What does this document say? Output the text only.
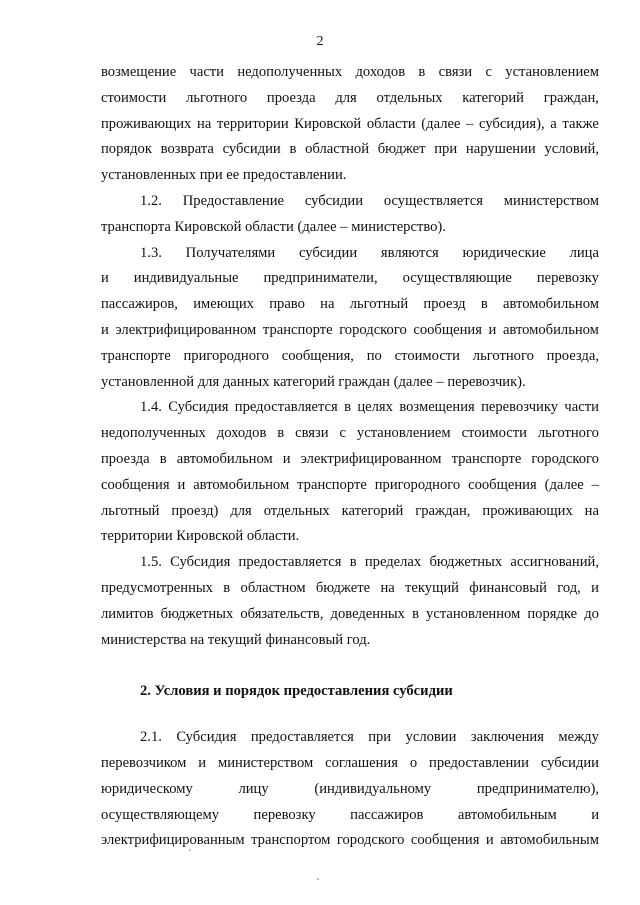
2
возмещение части недополученных доходов в связи с установлением
стоимости льготного проезда для отдельных категорий граждан,
проживающих на территории Кировской области (далее – субсидия), а также
порядок возврата субсидии в областной бюджет при нарушении условий,
установленных при ее предоставлении.
1.2. Предоставление субсидии осуществляется министерством
транспорта Кировской области (далее – министерство).
1.3. Получателями субсидии являются юридические лица
и индивидуальные предприниматели, осуществляющие перевозку
пассажиров, имеющих право на льготный проезд в автомобильном
и электрифицированном транспорте городского сообщения и автомобильном
транспорте пригородного сообщения, по стоимости льготного проезда,
установленной для данных категорий граждан (далее – перевозчик).
1.4. Субсидия предоставляется в целях возмещения перевозчику части
недополученных доходов в связи с установлением стоимости льготного
проезда в автомобильном и электрифицированном транспорте городского
сообщения и автомобильном транспорте пригородного сообщения (далее –
льготный проезд) для отдельных категорий граждан, проживающих на
территории Кировской области.
1.5. Субсидия предоставляется в пределах бюджетных ассигнований,
предусмотренных в областном бюджете на текущий финансовый год, и
лимитов бюджетных обязательств, доведенных в установленном порядке до
министерства на текущий финансовый год.
2. Условия и порядок предоставления субсидии
2.1. Субсидия предоставляется при условии заключения между
перевозчиком и министерством соглашения о предоставлении субсидии
юридическому	лицу	(индивидуальному	предпринимателю),
осуществляющему перевозку пассажиров автомобильным и
электрифицированным транспортом городского сообщения и автомобильным
